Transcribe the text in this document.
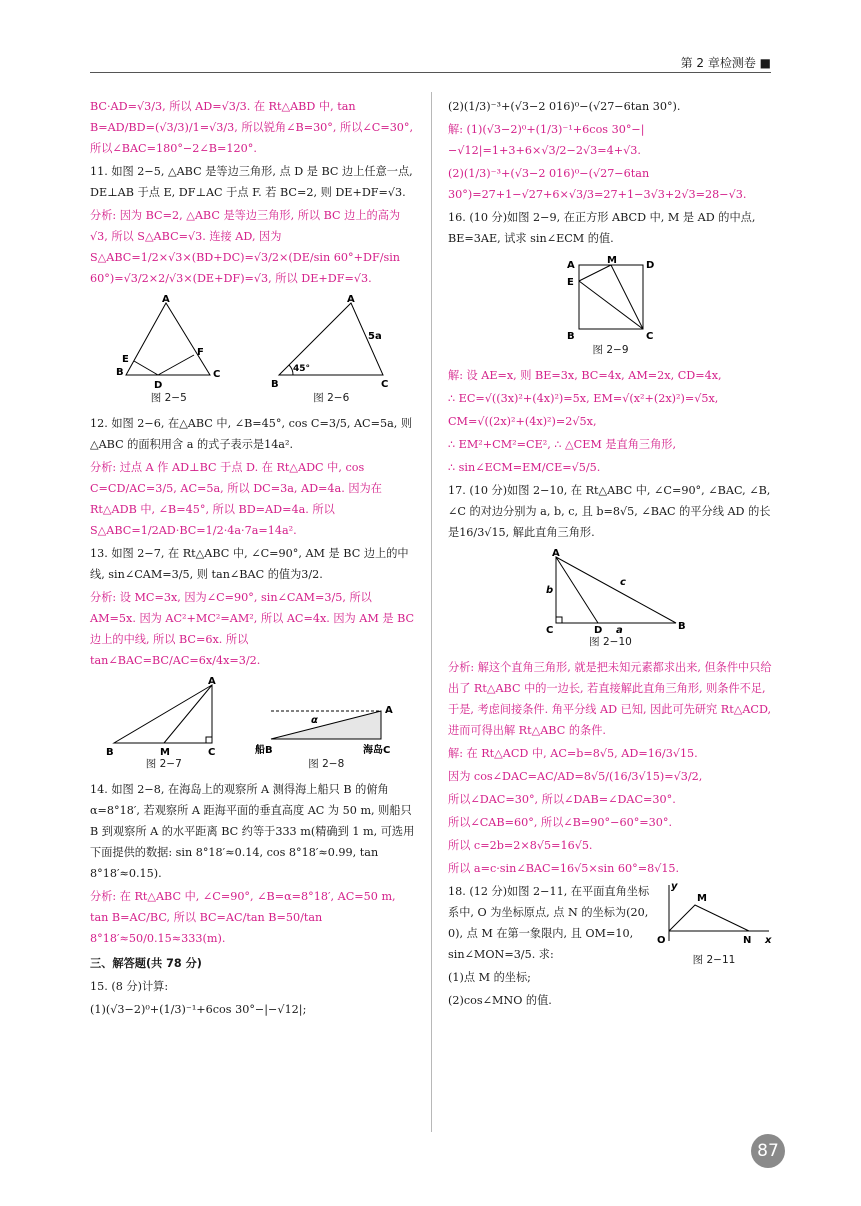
第 2 章检测卷 ■

BC·AD=√3/3, 所以 AD=√3/3. 在 Rt△ABD 中, tan B=AD/BD=(√3/3)/1=√3/3, 所以锐角∠B=30°, 所以∠C=30°, 所以∠BAC=180°−2∠B=120°.

11. 如图 2−5, △ABC 是等边三角形, 点 D 是 BC 边上任意一点, DE⊥AB 于点 E, DF⊥AC 于点 F. 若 BC=2, 则 DE+DF=√3.

分析: 因为 BC=2, △ABC 是等边三角形, 所以 BC 边上的高为√3, 所以 S△ABC=√3. 连接 AD, 因为 S△ABC=1/2×√3×(BD+DC)=√3/2×(DE/sin 60°+DF/sin 60°)=√3/2×2/√3×(DE+DF)=√3, 所以 DE+DF=√3.

A
B	C
D
E
F
图 2−5
A
B	C
45°
5a
图 2−6

12. 如图 2−6, 在△ABC 中, ∠B=45°, cos C=3/5, AC=5a, 则△ABC 的面积用含 a 的式子表示是14a².

分析: 过点 A 作 AD⊥BC 于点 D. 在 Rt△ADC 中, cos C=CD/AC=3/5, AC=5a, 所以 DC=3a, AD=4a. 因为在 Rt△ADB 中, ∠B=45°, 所以 BD=AD=4a. 所以 S△ABC=1/2AD·BC=1/2·4a·7a=14a².

13. 如图 2−7, 在 Rt△ABC 中, ∠C=90°, AM 是 BC 边上的中线, sin∠CAM=3/5, 则 tan∠BAC 的值为3/2.

分析: 设 MC=3x, 因为∠C=90°, sin∠CAM=3/5, 所以 AM=5x. 因为 AC²+MC²=AM², 所以 AC=4x. 因为 AM 是 BC 边上的中线, 所以 BC=6x. 所以 tan∠BAC=BC/AC=6x/4x=3/2.

A
B	M	C
图 2−7
A
α
船B	海岛C
图 2−8

14. 如图 2−8, 在海岛上的观察所 A 测得海上船只 B 的俯角 α=8°18′, 若观察所 A 距海平面的垂直高度 AC 为 50 m, 则船只 B 到观察所 A 的水平距离 BC 约等于333 m(精确到 1 m, 可选用下面提供的数据: sin 8°18′≈0.14, cos 8°18′≈0.99, tan 8°18′≈0.15).

分析: 在 Rt△ABC 中, ∠C=90°, ∠B=α=8°18′, AC=50 m, tan B=AC/BC, 所以 BC=AC/tan B=50/tan 8°18′≈50/0.15≈333(m).

三、解答题(共 78 分)

15. (8 分)计算:

(1)(√3−2)⁰+(1/3)⁻¹+6cos 30°−|−√12|;

(2)(1/3)⁻³+(√3−2 016)⁰−(√27−6tan 30°).

解: (1)(√3−2)⁰+(1/3)⁻¹+6cos 30°−|−√12|=1+3+6×√3/2−2√3=4+√3.

(2)(1/3)⁻³+(√3−2 016)⁰−(√27−6tan 30°)=27+1−√27+6×√3/3=27+1−3√3+2√3=28−√3.

16. (10 分)如图 2−9, 在正方形 ABCD 中, M 是 AD 的中点, BE=3AE, 试求 sin∠ECM 的值.

A	M	D
E
B	C
图 2−9

解: 设 AE=x, 则 BE=3x, BC=4x, AM=2x, CD=4x,

∴ EC=√((3x)²+(4x)²)=5x, EM=√(x²+(2x)²)=√5x,

CM=√((2x)²+(4x)²)=2√5x,

∴ EM²+CM²=CE², ∴ △CEM 是直角三角形,

∴ sin∠ECM=EM/CE=√5/5.

17. (10 分)如图 2−10, 在 Rt△ABC 中, ∠C=90°, ∠BAC, ∠B, ∠C 的对边分别为 a, b, c, 且 b=8√5, ∠BAC 的平分线 AD 的长是16/3√15, 解此直角三角形.

A
C	D	B
b
c
a
图 2−10

分析: 解这个直角三角形, 就是把未知元素都求出来, 但条件中只给出了 Rt△ABC 中的一边长, 若直接解此直角三角形, 则条件不足, 于是, 考虑间接条件. 角平分线 AD 已知, 因此可先研究 Rt△ACD, 进而可得出解 Rt△ABC 的条件.

解: 在 Rt△ACD 中, AC=b=8√5, AD=16/3√15.

因为 cos∠DAC=AC/AD=8√5/(16/3√15)=√3/2,

所以∠DAC=30°, 所以∠DAB=∠DAC=30°.

所以∠CAB=60°, 所以∠B=90°−60°=30°.

所以 c=2b=2×8√5=16√5.

所以 a=c·sin∠BAC=16√5×sin 60°=8√15.

18. (12 分)如图 2−11, 在平面直角坐标系中, O 为坐标原点, 点 N 的坐标为(20, 0), 点 M 在第一象限内, 且 OM=10, sin∠MON=3/5. 求:

y
x
O
M
N
图 2−11

(1)点 M 的坐标;

(2)cos∠MNO 的值.

87
